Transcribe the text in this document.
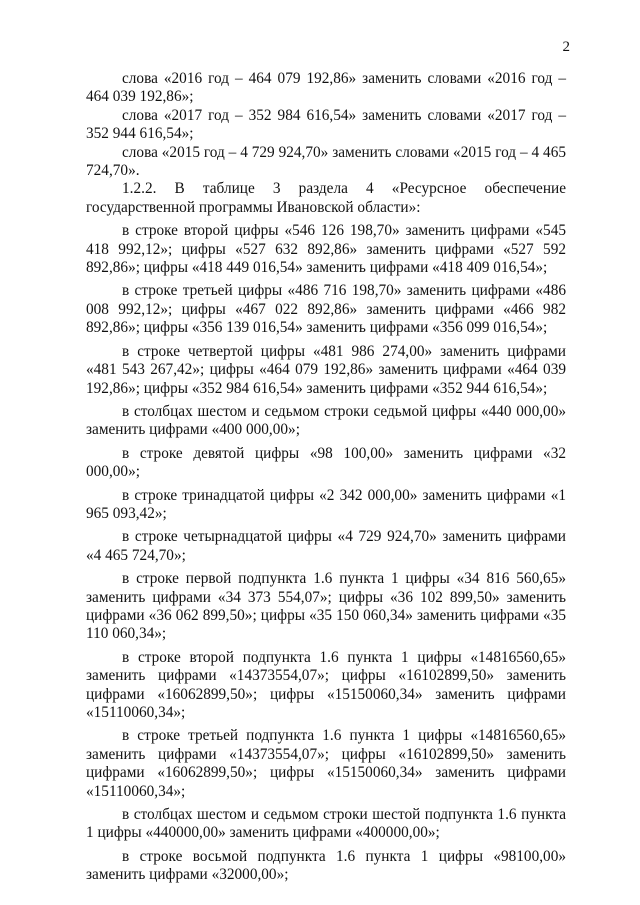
2

слова «2016 год – 464 079 192,86» заменить словами «2016 год – 464 039 192,86»;

слова «2017 год – 352 984 616,54» заменить словами «2017 год – 352 944 616,54»;

слова «2015 год – 4 729 924,70» заменить словами «2015 год – 4 465 724,70».

1.2.2. В таблице 3 раздела 4 «Ресурсное обеспечение государственной программы Ивановской области»:

в строке второй цифры «546 126 198,70» заменить цифрами «545 418 992,12»; цифры «527 632 892,86» заменить цифрами «527 592 892,86»; цифры «418 449 016,54» заменить цифрами «418 409 016,54»;

в строке третьей цифры «486 716 198,70» заменить цифрами «486 008 992,12»; цифры «467 022 892,86» заменить цифрами «466 982 892,86»; цифры «356 139 016,54» заменить цифрами «356 099 016,54»;

в строке четвертой цифры «481 986 274,00» заменить цифрами «481 543 267,42»; цифры «464 079 192,86» заменить цифрами «464 039 192,86»; цифры «352 984 616,54» заменить цифрами «352 944 616,54»;

в столбцах шестом и седьмом строки седьмой цифры «440 000,00» заменить цифрами «400 000,00»;

в строке девятой цифры «98 100,00» заменить цифрами «32 000,00»;

в строке тринадцатой цифры «2 342 000,00» заменить цифрами «1 965 093,42»;

в строке четырнадцатой цифры «4 729 924,70» заменить цифрами «4 465 724,70»;

в строке первой подпункта 1.6 пункта 1 цифры «34 816 560,65» заменить цифрами «34 373 554,07»; цифры «36 102 899,50» заменить цифрами «36 062 899,50»; цифры «35 150 060,34» заменить цифрами «35 110 060,34»;

в строке второй подпункта 1.6 пункта 1 цифры «14816560,65» заменить цифрами «14373554,07»; цифры «16102899,50» заменить цифрами «16062899,50»; цифры «15150060,34» заменить цифрами «15110060,34»;

в строке третьей подпункта 1.6 пункта 1 цифры «14816560,65» заменить цифрами «14373554,07»; цифры «16102899,50» заменить цифрами «16062899,50»; цифры «15150060,34» заменить цифрами «15110060,34»;

в столбцах шестом и седьмом строки шестой подпункта 1.6 пункта 1 цифры «440000,00» заменить цифрами «400000,00»;

в строке восьмой подпункта 1.6 пункта 1 цифры «98100,00» заменить цифрами «32000,00»;
